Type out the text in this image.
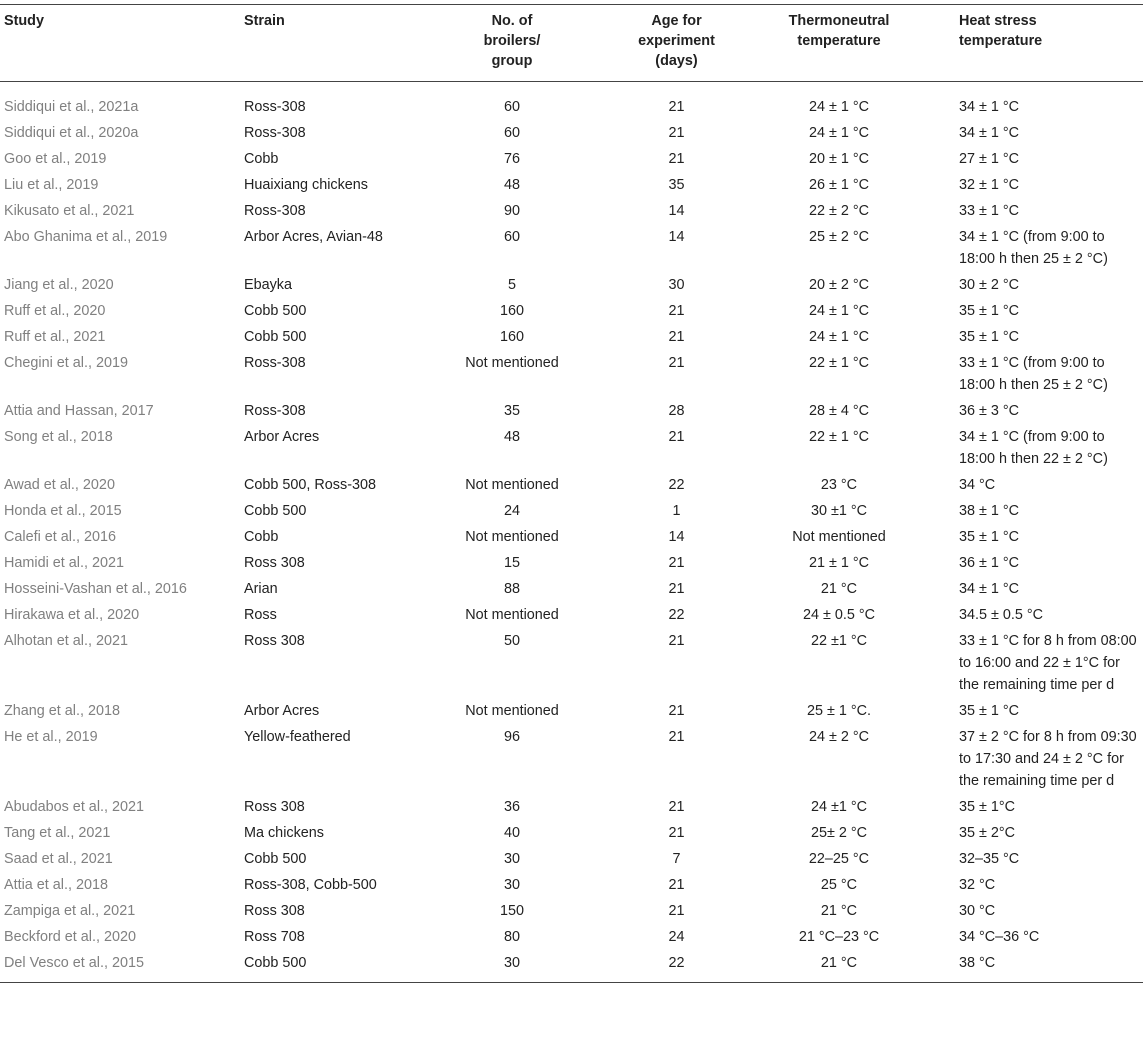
Study	Strain	No. of broilers/ group	Age for experiment (days)	Thermoneutral temperature	Heat stress temperature
Siddiqui et al., 2021a	Ross-308	60	21	24 ± 1 °C	34 ± 1 °C
Siddiqui et al., 2020a	Ross-308	60	21	24 ± 1 °C	34 ± 1 °C
Goo et al., 2019	Cobb	76	21	20 ± 1 °C	27 ± 1 °C
Liu et al., 2019	Huaixiang chickens	48	35	26 ± 1 °C	32 ± 1 °C
Kikusato et al., 2021	Ross-308	90	14	22 ± 2 °C	33 ± 1 °C
Abo Ghanima et al., 2019	Arbor Acres, Avian-48	60	14	25 ± 2 °C	34 ± 1 °C (from 9:00 to 18:00 h then 25 ± 2 °C)
Jiang et al., 2020	Ebayka	5	30	20 ± 2 °C	30 ± 2 °C
Ruff et al., 2020	Cobb 500	160	21	24 ± 1 °C	35 ± 1 °C
Ruff et al., 2021	Cobb 500	160	21	24 ± 1 °C	35 ± 1 °C
Chegini et al., 2019	Ross-308	Not mentioned	21	22 ± 1 °C	33 ± 1 °C (from 9:00 to 18:00 h then 25 ± 2 °C)
Attia and Hassan, 2017	Ross-308	35	28	28 ± 4 °C	36 ± 3 °C
Song et al., 2018	Arbor Acres	48	21	22 ± 1 °C	34 ± 1 °C (from 9:00 to 18:00 h then 22 ± 2 °C)
Awad et al., 2020	Cobb 500, Ross-308	Not mentioned	22	23 °C	34 °C
Honda et al., 2015	Cobb 500	24	1	30 ±1 °C	38 ± 1 °C
Calefi et al., 2016	Cobb	Not mentioned	14	Not mentioned	35 ± 1 °C
Hamidi et al., 2021	Ross 308	15	21	21 ± 1 °C	36 ± 1 °C
Hosseini-Vashan et al., 2016	Arian	88	21	21 °C	34 ± 1 °C
Hirakawa et al., 2020	Ross	Not mentioned	22	24 ± 0.5 °C	34.5 ± 0.5 °C
Alhotan et al., 2021	Ross 308	50	21	22 ±1 °C	33 ± 1 °C for 8 h from 08:00 to 16:00 and 22 ± 1°C for the remaining time per d
Zhang et al., 2018	Arbor Acres	Not mentioned	21	25 ± 1 °C.	35 ± 1 °C
He et al., 2019	Yellow-feathered	96	21	24 ± 2 °C	37 ± 2 °C for 8 h from 09:30 to 17:30 and 24 ± 2 °C for the remaining time per d
Abudabos et al., 2021	Ross 308	36	21	24 ±1 °C	35 ± 1°C
Tang et al., 2021	Ma chickens	40	21	25± 2 °C	35 ± 2°C
Saad et al., 2021	Cobb 500	30	7	22–25 °C	32–35 °C
Attia et al., 2018	Ross-308, Cobb-500	30	21	25 °C	32 °C
Zampiga et al., 2021	Ross 308	150	21	21 °C	30 °C
Beckford et al., 2020	Ross 708	80	24	21 °C–23 °C	34 °C–36 °C
Del Vesco et al., 2015	Cobb 500	30	22	21 °C	38 °C
